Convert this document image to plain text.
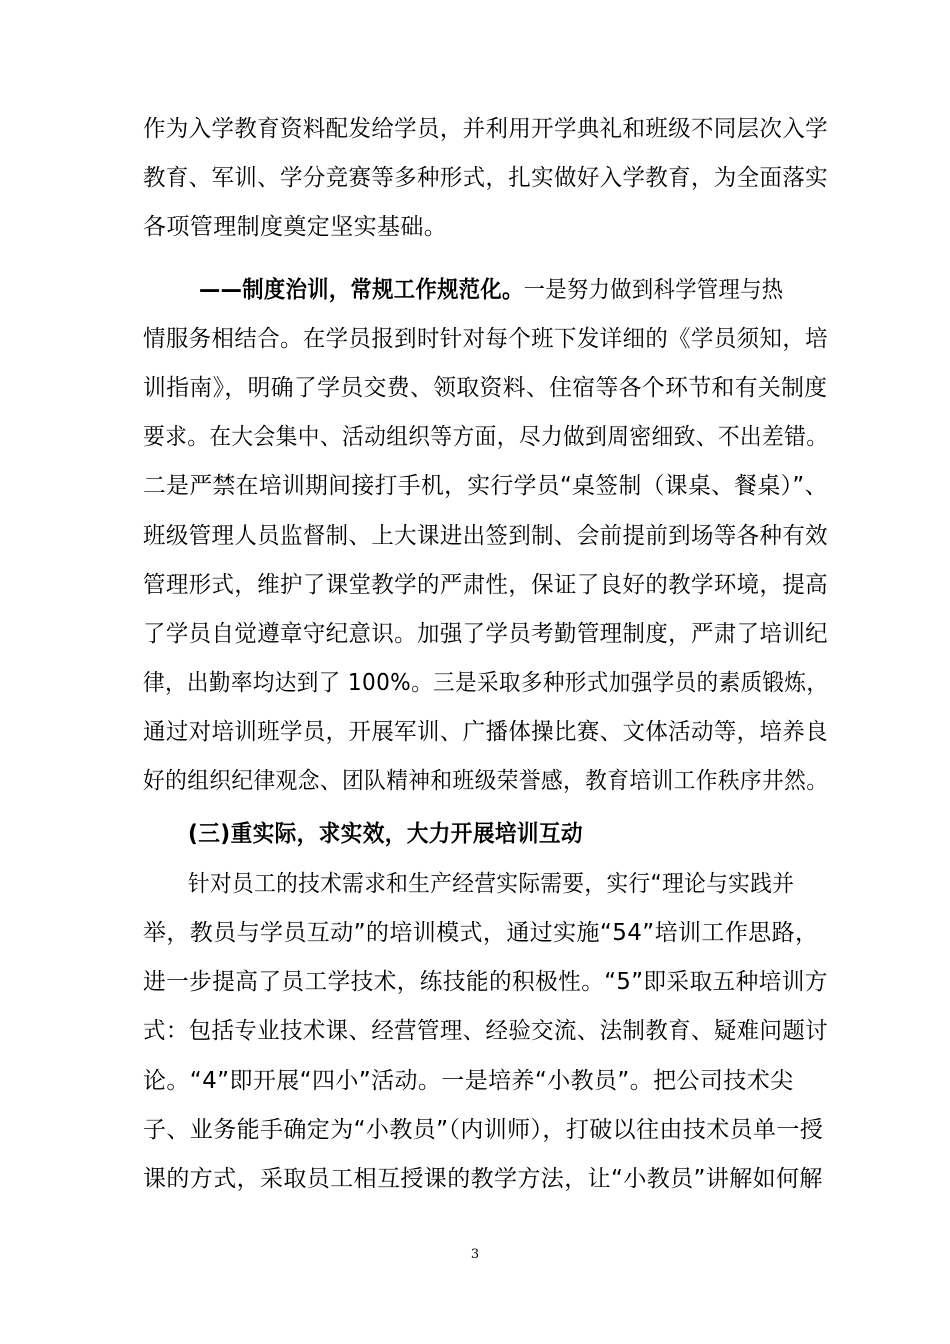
作为入学教育资料配发给学员，并利用开学典礼和班级不同层次入学
教育、军训、学分竞赛等多种形式，扎实做好入学教育，为全面落实
各项管理制度奠定坚实基础。
——制度治训，常规工作规范化。一是努力做到科学管理与热
情服务相结合。在学员报到时针对每个班下发详细的《学员须知，培
训指南》，明确了学员交费、领取资料、住宿等各个环节和有关制度
要求。在大会集中、活动组织等方面，尽力做到周密细致、不出差错。
二是严禁在培训期间接打手机，实行学员“桌签制（课桌、餐桌）”、
班级管理人员监督制、上大课进出签到制、会前提前到场等各种有效
管理形式，维护了课堂教学的严肃性，保证了良好的教学环境，提高
了学员自觉遵章守纪意识。加强了学员考勤管理制度，严肃了培训纪
律，出勤率均达到了 100%。三是采取多种形式加强学员的素质锻炼，
通过对培训班学员，开展军训、广播体操比赛、文体活动等，培养良
好的组织纪律观念、团队精神和班级荣誉感，教育培训工作秩序井然。
(三)重实际，求实效，大力开展培训互动
针对员工的技术需求和生产经营实际需要，实行“理论与实践并
举，教员与学员互动”的培训模式，通过实施“54”培训工作思路，
进一步提高了员工学技术，练技能的积极性。“5”即采取五种培训方
式：包括专业技术课、经营管理、经验交流、法制教育、疑难问题讨
论。“4”即开展“四小”活动。一是培养“小教员”。把公司技术尖
子、业务能手确定为“小教员”（内训师），打破以往由技术员单一授
课的方式，采取员工相互授课的教学方法，让“小教员”讲解如何解
3
